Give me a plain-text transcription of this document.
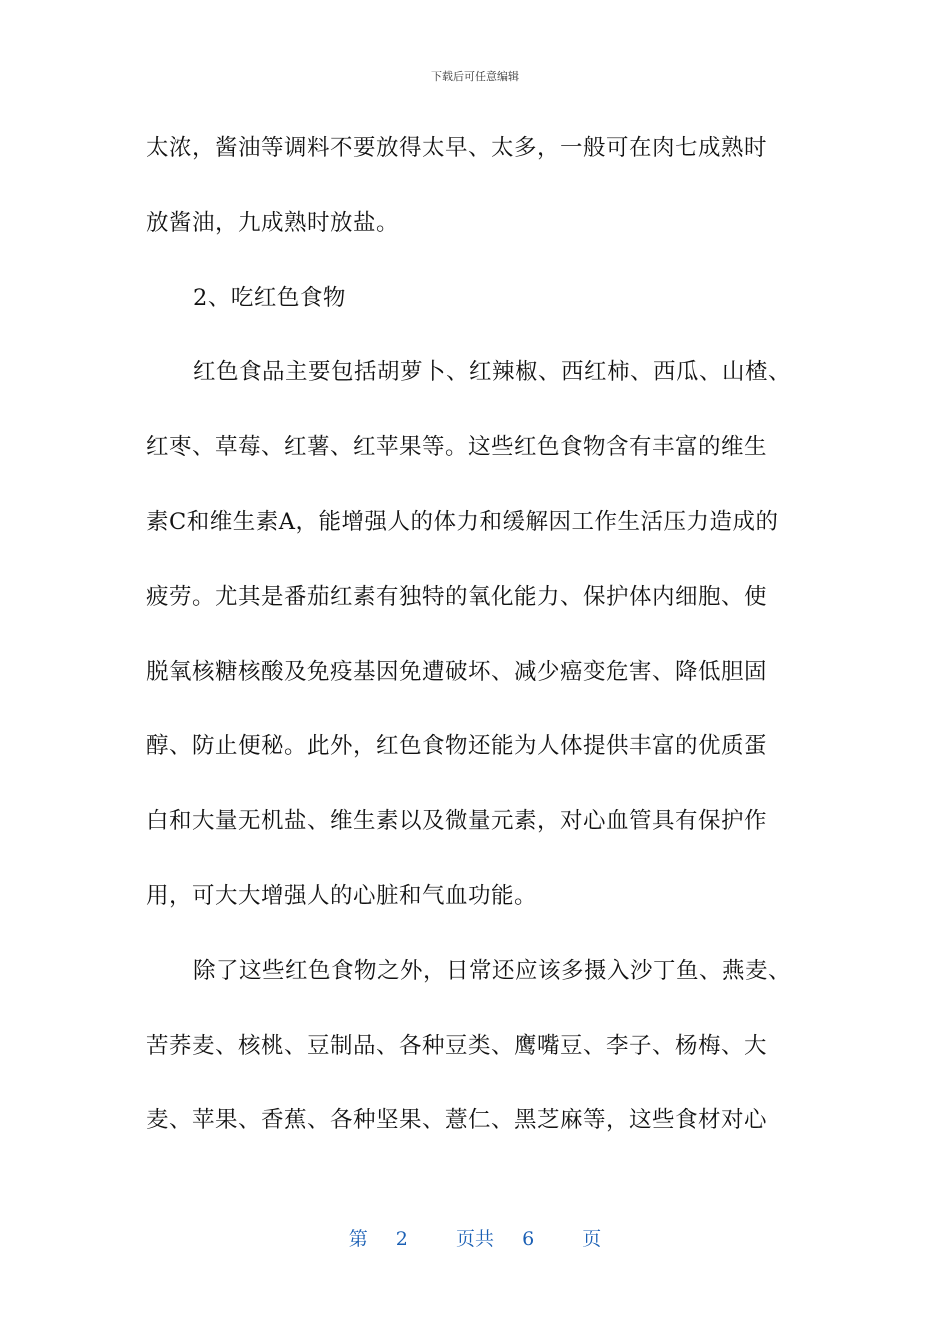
下载后可任意编辑
太浓，酱油等调料不要放得太早、太多，一般可在肉七成熟时
放酱油，九成熟时放盐。
2、吃红色食物
红色食品主要包括胡萝卜、红辣椒、西红柿、西瓜、山楂、
红枣、草莓、红薯、红苹果等。这些红色食物含有丰富的维生
素C和维生素A，能增强人的体力和缓解因工作生活压力造成的
疲劳。尤其是番茄红素有独特的氧化能力、保护体内细胞、使
脱氧核糖核酸及免疫基因免遭破坏、减少癌变危害、降低胆固
醇、防止便秘。此外，红色食物还能为人体提供丰富的优质蛋
白和大量无机盐、维生素以及微量元素，对心血管具有保护作
用，可大大增强人的心脏和气血功能。
除了这些红色食物之外，日常还应该多摄入沙丁鱼、燕麦、
苦荞麦、核桃、豆制品、各种豆类、鹰嘴豆、李子、杨梅、大
麦、苹果、香蕉、各种坚果、薏仁、黑芝麻等，这些食材对心
第 2	页共 6	页
